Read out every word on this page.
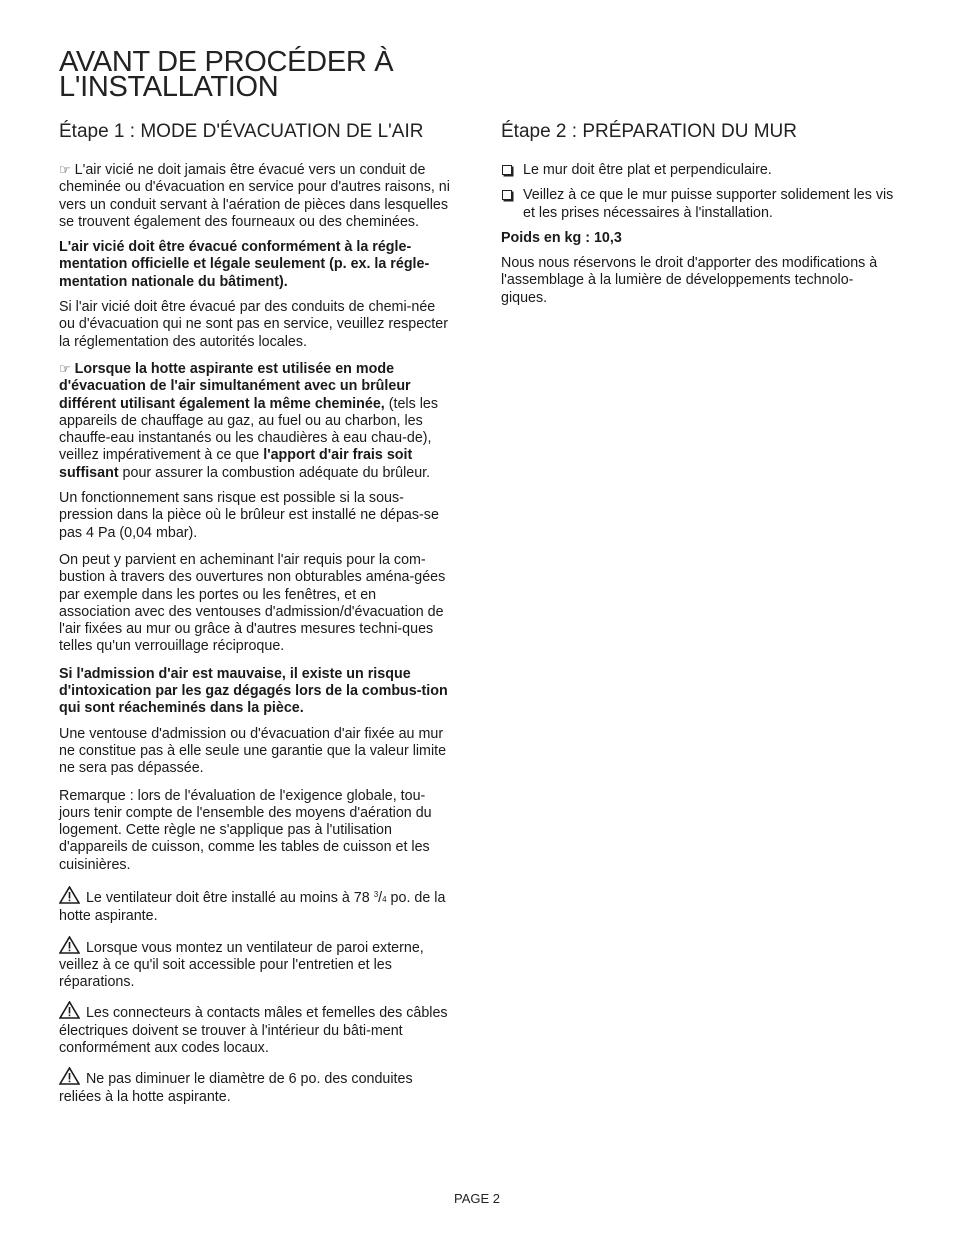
AVANT DE PROCÉDER À L'INSTALLATION
Étape 1 : MODE D'ÉVACUATION DE L'AIR

☞ L'air vicié ne doit jamais être évacué vers un conduit de cheminée ou d'évacuation en service pour d'autres raisons, ni vers un conduit servant à l'aération de pièces dans lesquelles se trouvent également des fourneaux ou des cheminées.

L'air vicié doit être évacué conformément à la régle-mentation officielle et légale seulement (p. ex. la régle-mentation nationale du bâtiment).

Si l'air vicié doit être évacué par des conduits de chemi-née ou d'évacuation qui ne sont pas en service, veuillez respecter la réglementation des autorités locales.

☞ Lorsque la hotte aspirante est utilisée en mode d'évacuation de l'air simultanément avec un brûleur différent utilisant également la même cheminée, (tels les appareils de chauffage au gaz, au fuel ou au charbon, les chauffe-eau instantanés ou les chaudières à eau chau-de), veillez impérativement à ce que l'apport d'air frais soit suffisant pour assurer la combustion adéquate du brûleur.

Un fonctionnement sans risque est possible si la sous-pression dans la pièce où le brûleur est installé ne dépas-se pas 4 Pa (0,04 mbar).

On peut y parvient en acheminant l'air requis pour la com-bustion à travers des ouvertures non obturables aména-gées par exemple dans les portes ou les fenêtres, et en association avec des ventouses d'admission/d'évacuation de l'air fixées au mur ou grâce à d'autres mesures techni-ques telles qu'un verrouillage réciproque.

Si l'admission d'air est mauvaise, il existe un risque d'intoxication par les gaz dégagés lors de la combus-tion qui sont réacheminés dans la pièce.

Une ventouse d'admission ou d'évacuation d'air fixée au mur ne constitue pas à elle seule une garantie que la valeur limite ne sera pas dépassée.

Remarque : lors de l'évaluation de l'exigence globale, tou-jours tenir compte de l'ensemble des moyens d'aération du logement. Cette règle ne s'applique pas à l'utilisation d'appareils de cuisson, comme les tables de cuisson et les cuisinières.

Le ventilateur doit être installé au moins à 78 $^3$/4 po. de la hotte aspirante.

Lorsque vous montez un ventilateur de paroi externe, veillez à ce qu'il soit accessible pour l'entretien et les réparations.

Les connecteurs à contacts mâles et femelles des câbles électriques doivent se trouver à l'intérieur du bâti-ment conformément aux codes locaux.

Ne pas diminuer le diamètre de 6 po. des conduites reliées à la hotte aspirante.

Étape 2 : PRÉPARATION DU MUR
Le mur doit être plat et perpendiculaire.
Veillez à ce que le mur puisse supporter solidement les vis et les prises nécessaires à l'installation.

Poids en kg : 10,3

Nous nous réservons le droit d'apporter des modifications à l'assemblage à la lumière de développements technolo-giques.

PAGE 2
